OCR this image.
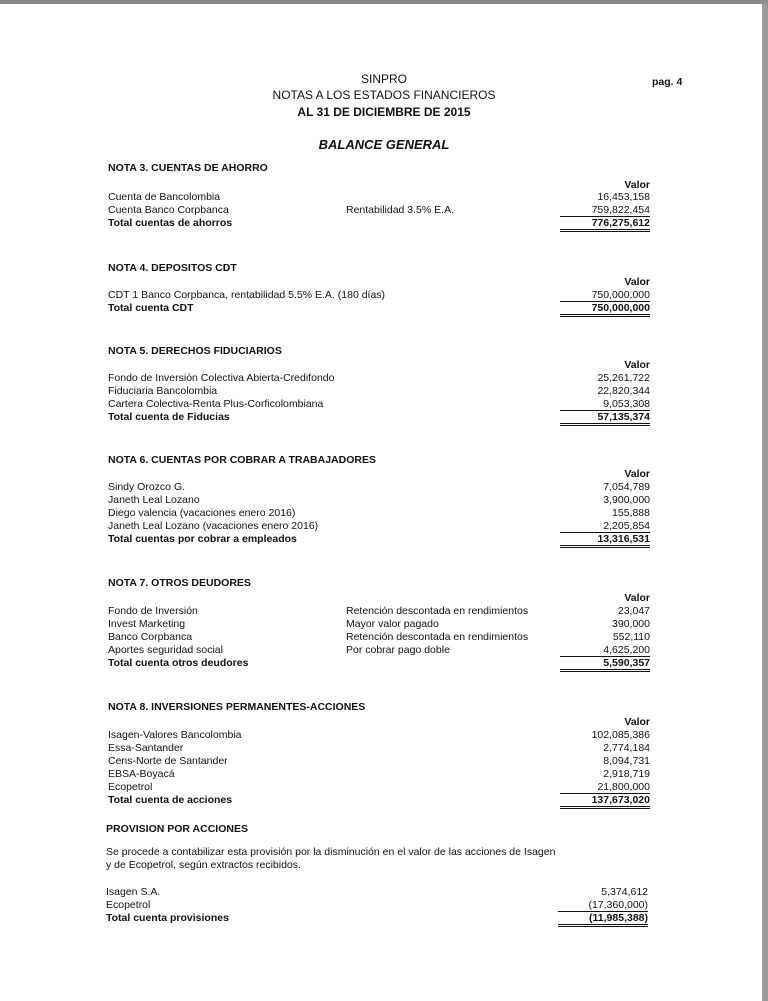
SINPRO
NOTAS A LOS ESTADOS FINANCIEROS
AL 31 DE DICIEMBRE DE 2015
BALANCE GENERAL
pag. 4
NOTA 3. CUENTAS DE AHORRO
Valor
Cuenta de Bancolombia	16,453,158
Cuenta Banco Corpbanca	Rentabilidad 3.5% E.A.	759,822,454
Total cuentas de ahorros	776,275,612
NOTA 4. DEPOSITOS CDT
Valor
CDT 1 Banco Corpbanca, rentabilidad 5.5% E.A. (180 días)	750,000,000
Total cuenta CDT	750,000,000
NOTA 5. DERECHOS FIDUCIARIOS
Valor
Fondo de Inversión Colectiva Abierta-Credifondo	25,261,722
Fiduciaria Bancolombia	22,820,344
Cartera Colectiva-Renta Plus-Corficolombiana	9,053,308
Total cuenta de Fiducias	57,135,374
NOTA 6. CUENTAS POR COBRAR A TRABAJADORES
Valor
Sindy Orozco G.	7,054,789
Janeth Leal Lozano	3,900,000
Diego valencia (vacaciones enero 2016)	155,888
Janeth Leal Lozano (vacaciones enero 2016)	2,205,854
Total cuentas por cobrar a empleados	13,316,531
NOTA 7. OTROS DEUDORES
Valor
Fondo de Inversión	Retención descontada en rendimientos	23,047
Invest Marketing	Mayor valor pagado	390,000
Banco Corpbanca	Retención descontada en rendimientos	552,110
Aportes seguridad social	Por cobrar pago doble	4,625,200
Total cuenta otros deudores	5,590,357
NOTA 8. INVERSIONES PERMANENTES-ACCIONES
Valor
Isagen-Valores Bancolombia	102,085,386
Essa-Santander	2,774,184
Cens-Norte de Santander	8,094,731
EBSA-Boyacá	2,918,719
Ecopetrol	21,800,000
Total cuenta de acciones	137,673,020
PROVISION POR ACCIONES
Se procede a contabilizar esta provisión por la disminución en el valor de las acciones de Isagen
y de Ecopetrol, según extractos recibidos.
Isagen S.A.	5,374,612
Ecopetrol	(17,360,000)
Total cuenta provisiones	(11,985,388)
